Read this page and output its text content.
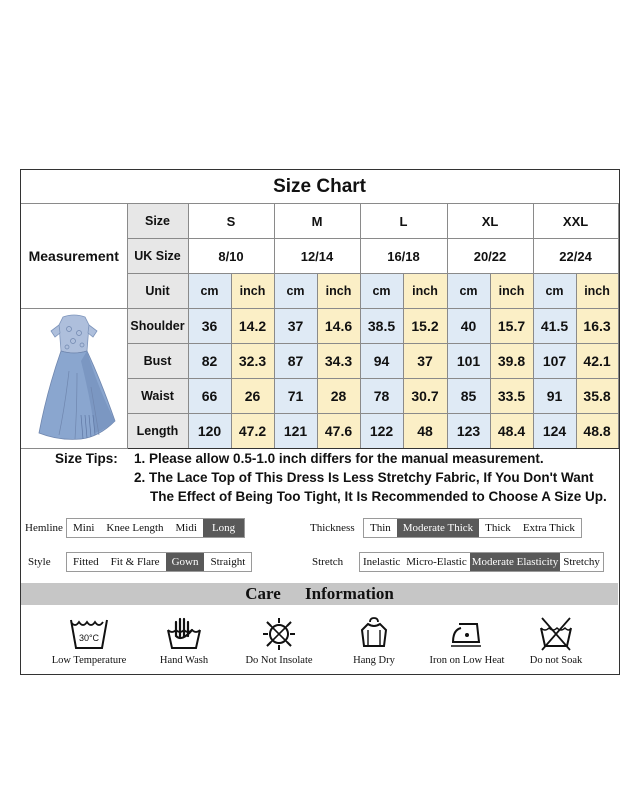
Size Chart											
Measurement	Size	S		M		L		XL		XXL	
	UK Size	8/10		12/14		16/18		20/22		22/24	
	Unit	cm	inch	cm	inch	cm	inch	cm	inch	cm	inch
	Shoulder	36	14.2	37	14.6	38.5	15.2	40	15.7	41.5	16.3
	Bust	82	32.3	87	34.3	94	37	101	39.8	107	42.1
	Waist	66	26	71	28	78	30.7	85	33.5	91	35.8
	Length	120	47.2	121	47.6	122	48	123	48.4	124	48.8
Size Tips: 1. Please allow 0.5-1.0 inch differs for the manual measurement.
2. The Lace Top of This Dress Is Less Stretchy Fabric, If You Don't Want
The Effect of Being Too Tight, It Is Recommended to Choose A Size Up.
Hemline Mini	Knee Length	Midi	Long	Thickness	Thin	Moderate Thick	Thick	Extra Thick
Style	Fitted	Fit & Flare	Gown	Straight	Stretch Inelastic Micro-Elastic Moderate Elasticity Stretchy
Care Information
30°C
Low Temperature	Hand Wash	Do Not Insolate	Hang Dry	Iron on Low Heat	Do not Soak
